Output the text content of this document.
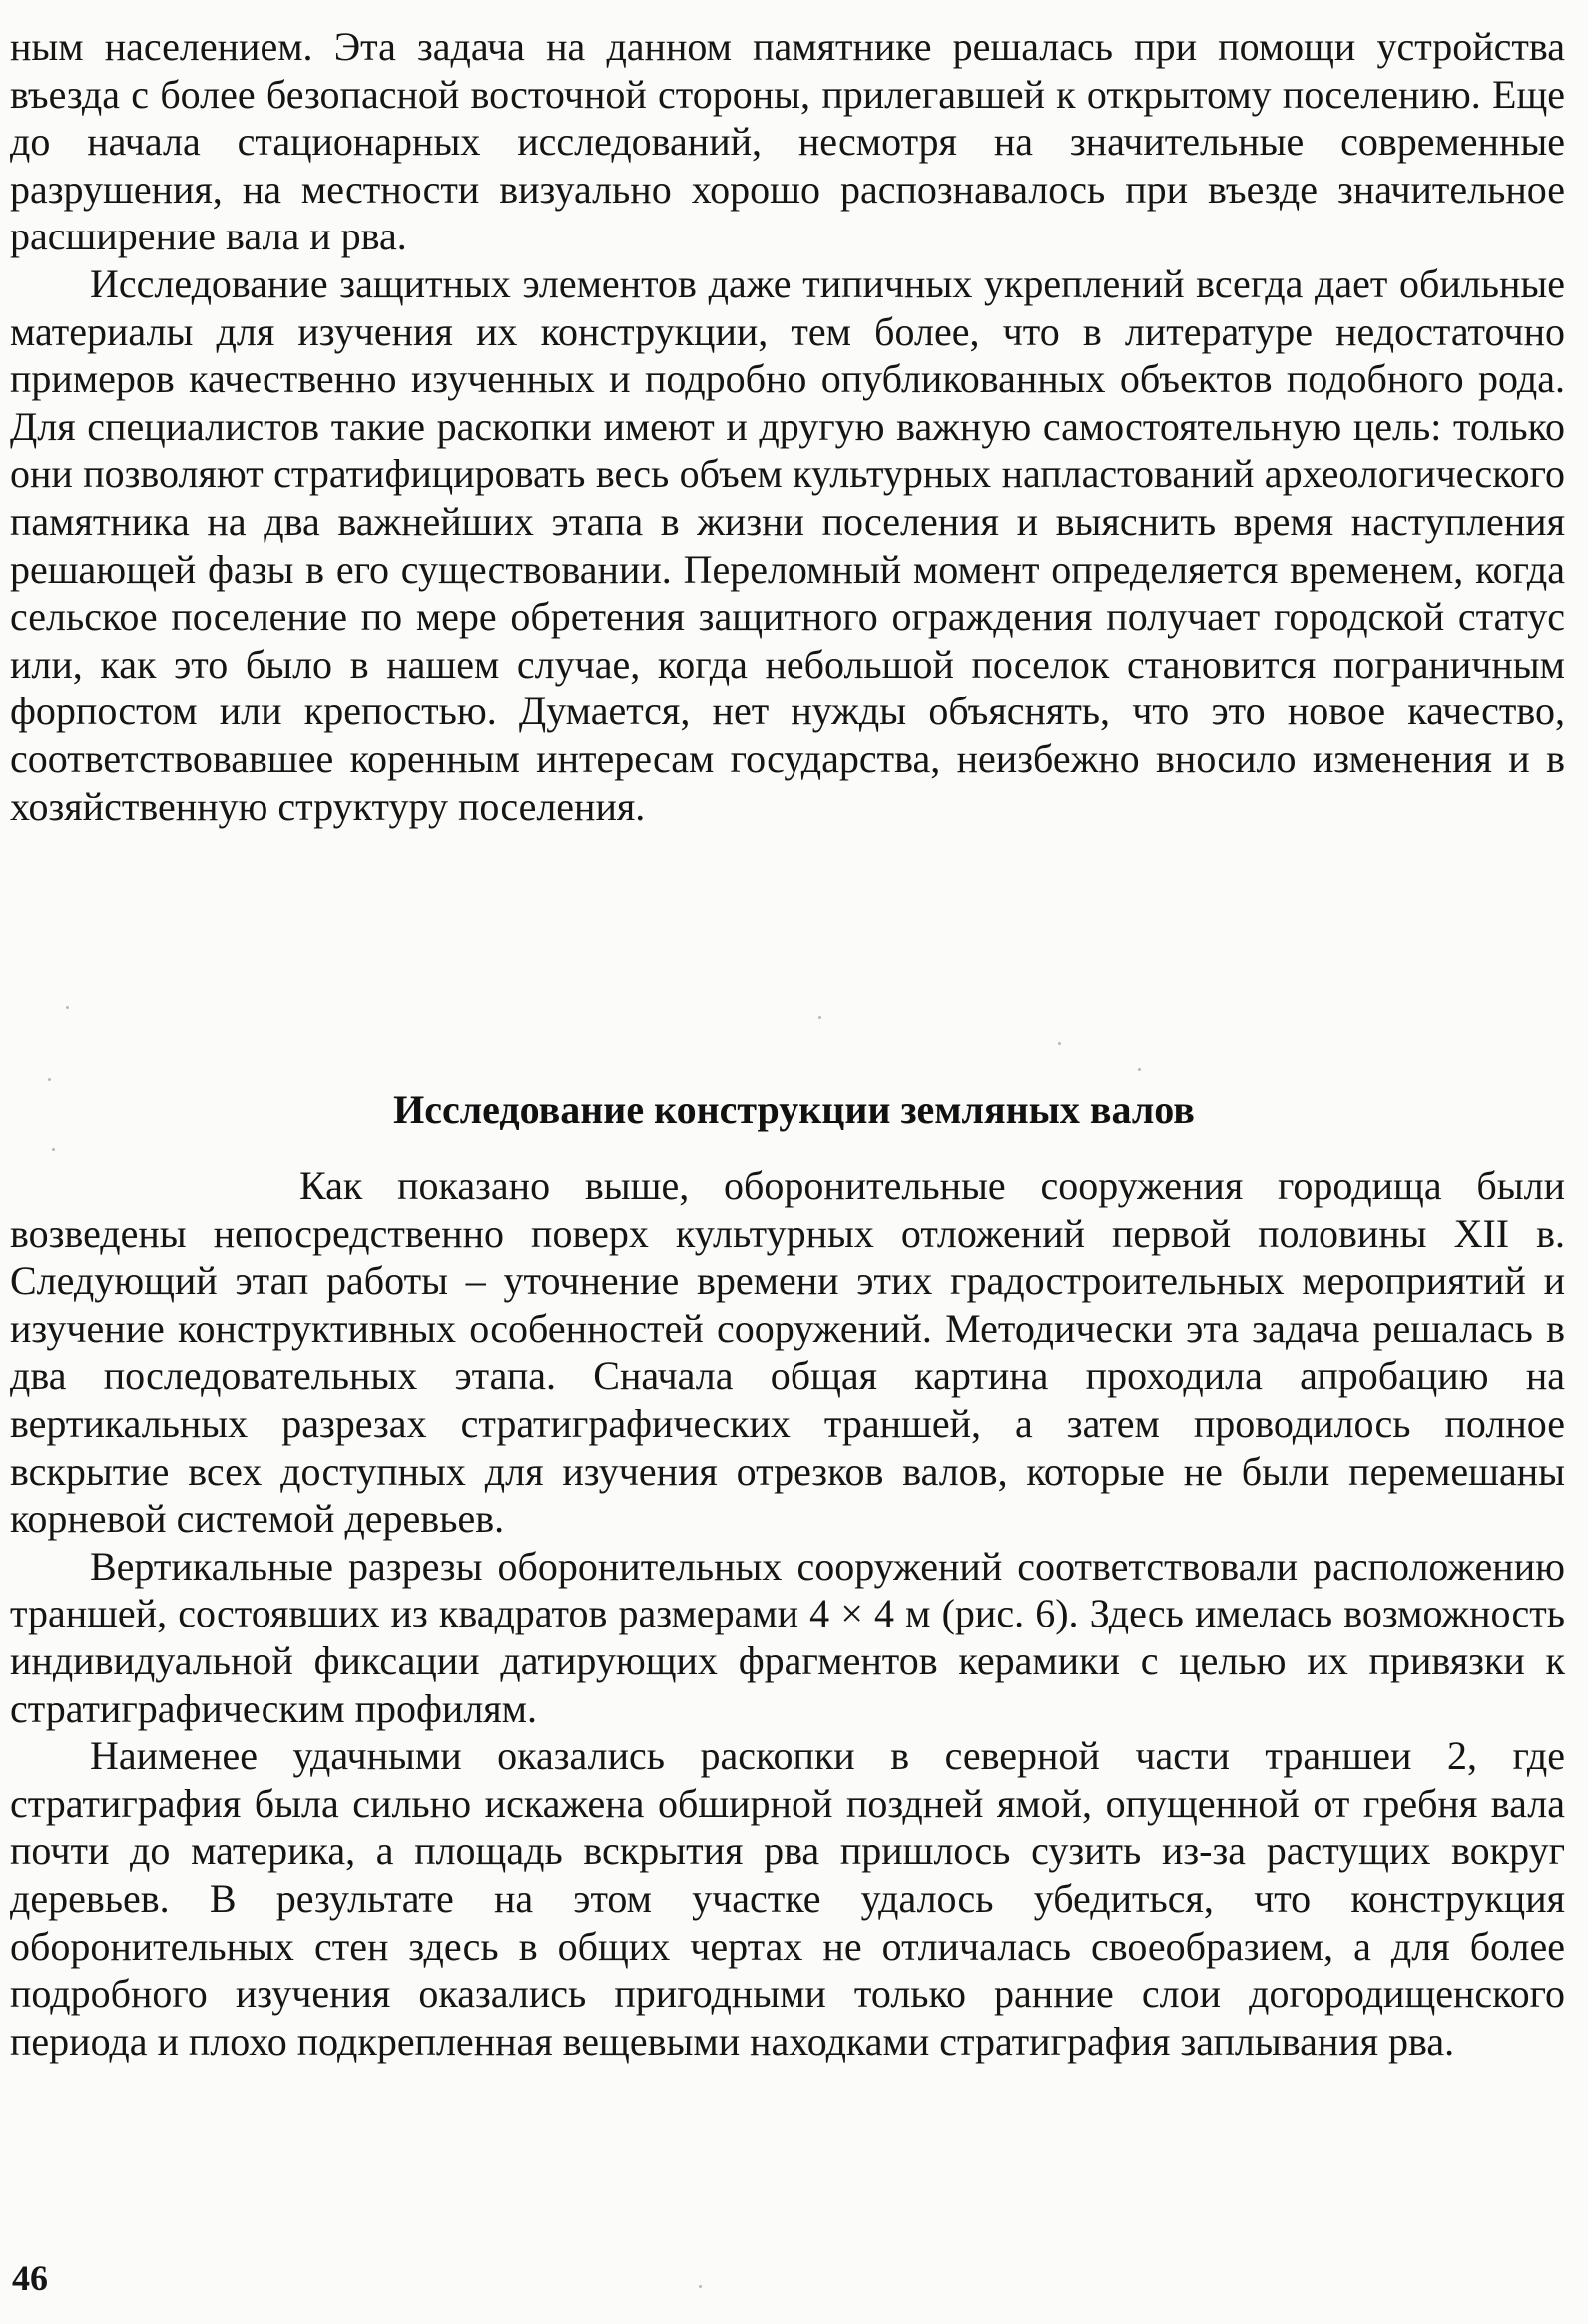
ным населением. Эта задача на данном памятнике решалась при помощи устройства въезда с более безопасной восточной стороны, прилегавшей к открытому поселению. Еще до начала стационарных исследований, несмотря на значительные современные разрушения, на местности визуально хорошо распознавалось при въезде значительное расширение вала и рва.

Исследование защитных элементов даже типичных укреплений всегда дает обильные материалы для изучения их конструкции, тем более, что в литературе недостаточно примеров качественно изученных и подробно опубликованных объектов подобного рода. Для специалистов такие раскопки имеют и другую важную самостоятельную цель: только они позволяют стратифицировать весь объем культурных напластований археологического памятника на два важнейших этапа в жизни поселения и выяснить время наступления решающей фазы в его существовании. Переломный момент определяется временем, когда сельское поселение по мере обретения защитного ограждения получает городской статус или, как это было в нашем случае, когда небольшой поселок становится пограничным форпостом или крепостью. Думается, нет нужды объяснять, что это новое качество, соответствовавшее коренным интересам государства, неизбежно вносило изменения и в хозяйственную структуру поселения.

Исследование конструкции земляных валов

Как показано выше, оборонительные сооружения городища были возведены непосредственно поверх культурных отложений первой половины XII в. Следующий этап работы – уточнение времени этих градостроительных мероприятий и изучение конструктивных особенностей сооружений. Методически эта задача решалась в два последовательных этапа. Сначала общая картина проходила апробацию на вертикальных разрезах стратиграфических траншей, а затем проводилось полное вскрытие всех доступных для изучения отрезков валов, которые не были перемешаны корневой системой деревьев.

Вертикальные разрезы оборонительных сооружений соответствовали расположению траншей, состоявших из квадратов размерами 4 × 4 м (рис. 6). Здесь имелась возможность индивидуальной фиксации датирующих фрагментов керамики с целью их привязки к стратиграфическим профилям.

Наименее удачными оказались раскопки в северной части траншеи 2, где стратиграфия была сильно искажена обширной поздней ямой, опущенной от гребня вала почти до материка, а площадь вскрытия рва пришлось сузить из-за растущих вокруг деревьев. В результате на этом участке удалось убедиться, что конструкция оборонительных стен здесь в общих чертах не отличалась своеобразием, а для более подробного изучения оказались пригодными только ранние слои догородищенского периода и плохо подкрепленная вещевыми находками стратиграфия заплывания рва.

46
